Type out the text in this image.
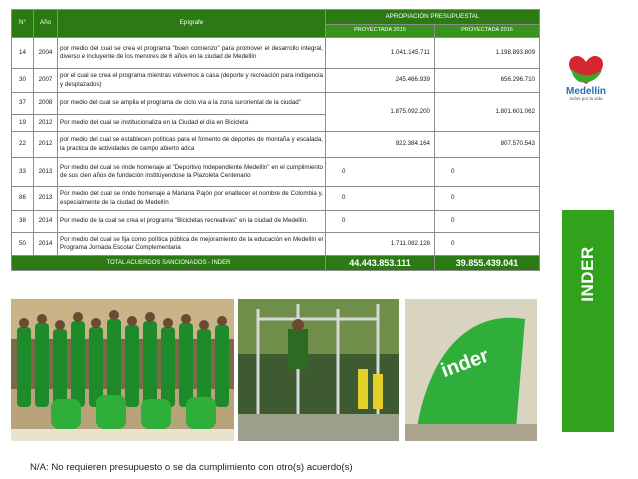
N°	Año	Epígrafe	APROPIACIÓN PRESUPUESTAL	
			PROYECTADA 2015	PROYECTADA 2016
14	2004	por medio del cual se crea el programa "buen comienzo" para promover el desarrollo integral, diverso e incluyente de los menores de 6 años en la ciudad de Medellín	1.041.145.711	1.198.893.809
30	2007	por el cual se crea el programa mientras volvemos a casa (deporte y recreación para indigencia y desplazados)	245.466.939	656.296.710
37	2008	por medio del cual se amplia el programa de ciclo vía a la zona suroriental de la ciudad"	1.875.092.200	1.801.601.062
19	2012	Por medio del cual se institucionaliza en la Ciudad el día en Bicicleta		
22	2012	por medio del cual se establecen políticas para el fomento de deportes de montaña y escalada, la practica de actividades de campo abierto adca	922.384.164	807.570.543
33	2013	Por medio del cual se rinde homenaje al "Deportivo Independiente Medellín" en el cumplimiento de sus cien años de fundación institúyendose la Plazoleta Centenario	0	0
86	2013	Por medio del cual se rinde homenaje a Mariana Pajón por enaltecer el nombre de Colombia y, especialmente de la ciudad de Medellín	0	0
38	2014	Por medio de la cual se crea el programa "Bicicletas recreativas" en la ciudad de Medellín.	0	0
50	2014	Por medio del cual se fija como política pública de mejoramiento de la educación en Medellín el Programa Jornada Escolar Complementaria	1.711.082.128	0
TOTAL ACUERDOS SANCIONADOS - INDER			44.443.853.111	39.855.439.041
Medellín
todos por la vida
INDER
inder
N/A: No requieren presupuesto o se da cumplimiento con otro(s) acuerdo(s)
